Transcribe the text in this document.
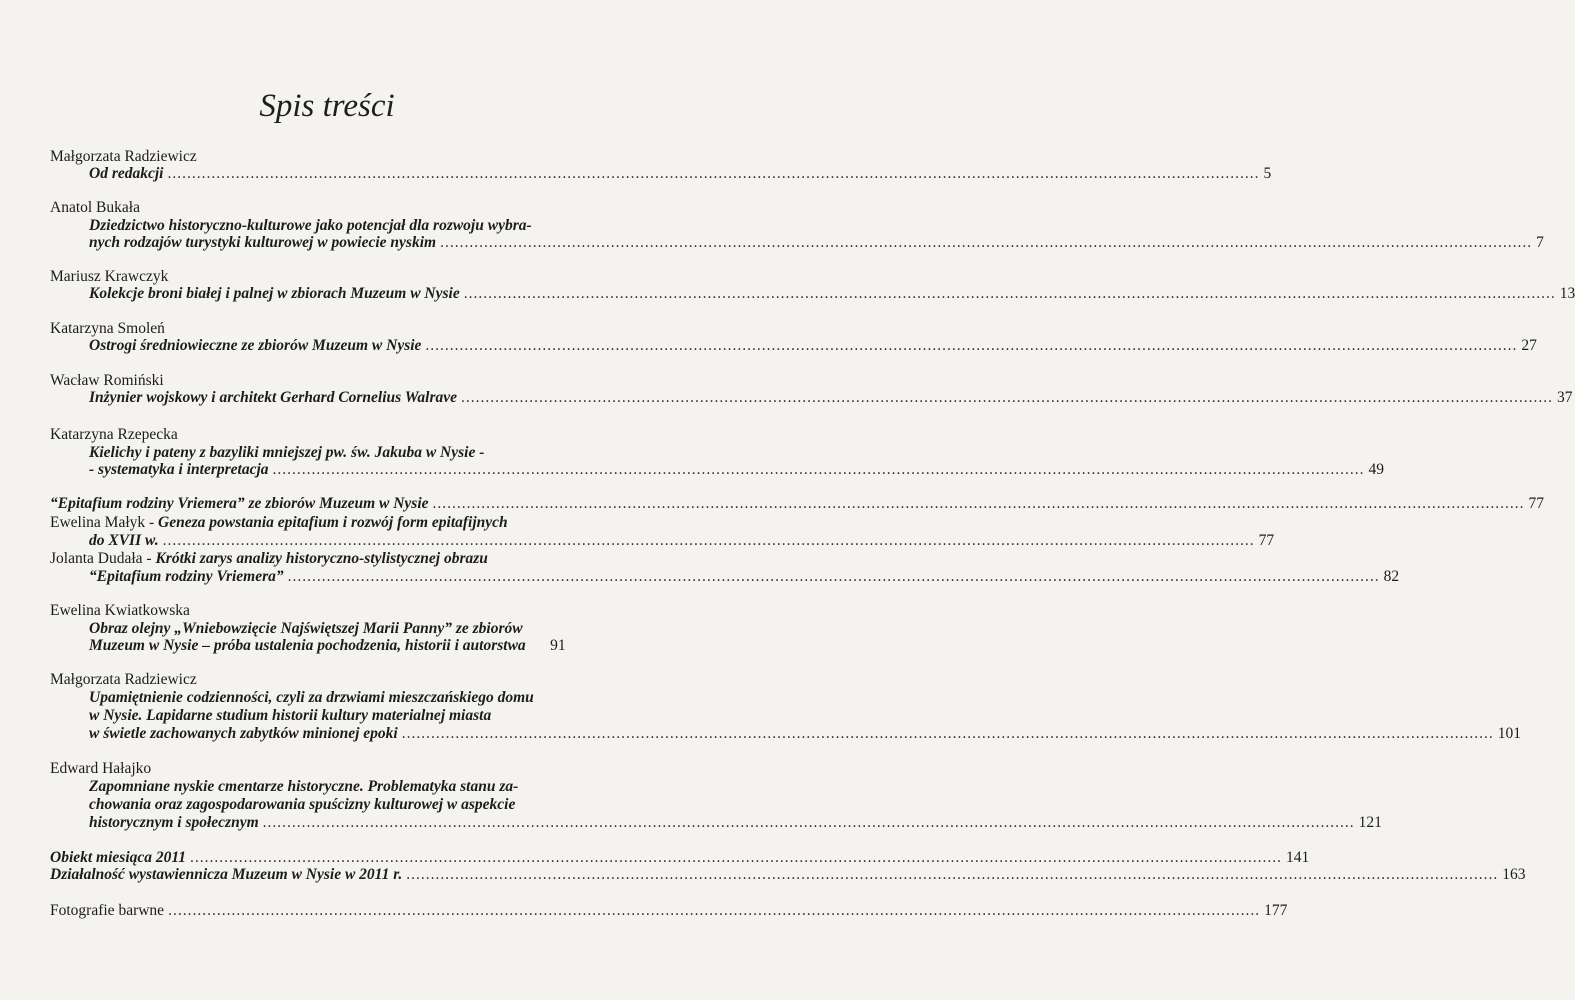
Spis treści
Małgorzata Radziewicz
Od redakcji ................................................................................................................................................................................................................................ 5
Anatol Bukała
Dziedzictwo historyczno-kulturowe jako potencjał dla rozwoju wybra-
nych rodzajów turystyki kulturowej w powiecie nyskim ................................................................................................................................................................................................................................ 7
Mariusz Krawczyk
Kolekcje broni białej i palnej w zbiorach Muzeum w Nysie ................................................................................................................................................................................................................................ 13
Katarzyna Smoleń
Ostrogi średniowieczne ze zbiorów Muzeum w Nysie ................................................................................................................................................................................................................................ 27
Wacław Romiński
Inżynier wojskowy i architekt Gerhard Cornelius Walrave ................................................................................................................................................................................................................................ 37
Katarzyna Rzepecka
Kielichy i pateny z bazyliki mniejszej pw. św. Jakuba w Nysie -
- systematyka i interpretacja ................................................................................................................................................................................................................................ 49
“Epitafium rodziny Vriemera” ze zbiorów Muzeum w Nysie ................................................................................................................................................................................................................................ 77
Ewelina Małyk - Geneza powstania epitafium i rozwój form epitafijnych
do XVII w. ................................................................................................................................................................................................................................ 77
Jolanta Dudała - Krótki zarys analizy historyczno-stylistycznej obrazu
“Epitafium rodziny Vriemera” ................................................................................................................................................................................................................................ 82
Ewelina Kwiatkowska
Obraz olejny „Wniebowzięcie Najświętszej Marii Panny” ze zbiorów
Muzeum w Nysie – próba ustalenia pochodzenia, historii i autorstwa	91
Małgorzata Radziewicz
Upamiętnienie codzienności, czyli za drzwiami mieszczańskiego domu
w Nysie. Lapidarne studium historii kultury materialnej miasta
w świetle zachowanych zabytków minionej epoki ................................................................................................................................................................................................................................ 101
Edward Hałajko
Zapomniane nyskie cmentarze historyczne. Problematyka stanu za-
chowania oraz zagospodarowania spuścizny kulturowej w aspekcie
historycznym i społecznym ................................................................................................................................................................................................................................ 121
Obiekt miesiąca 2011 ................................................................................................................................................................................................................................ 141
Działalność wystawiennicza Muzeum w Nysie w 2011 r. ................................................................................................................................................................................................................................ 163
Fotografie barwne ................................................................................................................................................................................................................................ 177
